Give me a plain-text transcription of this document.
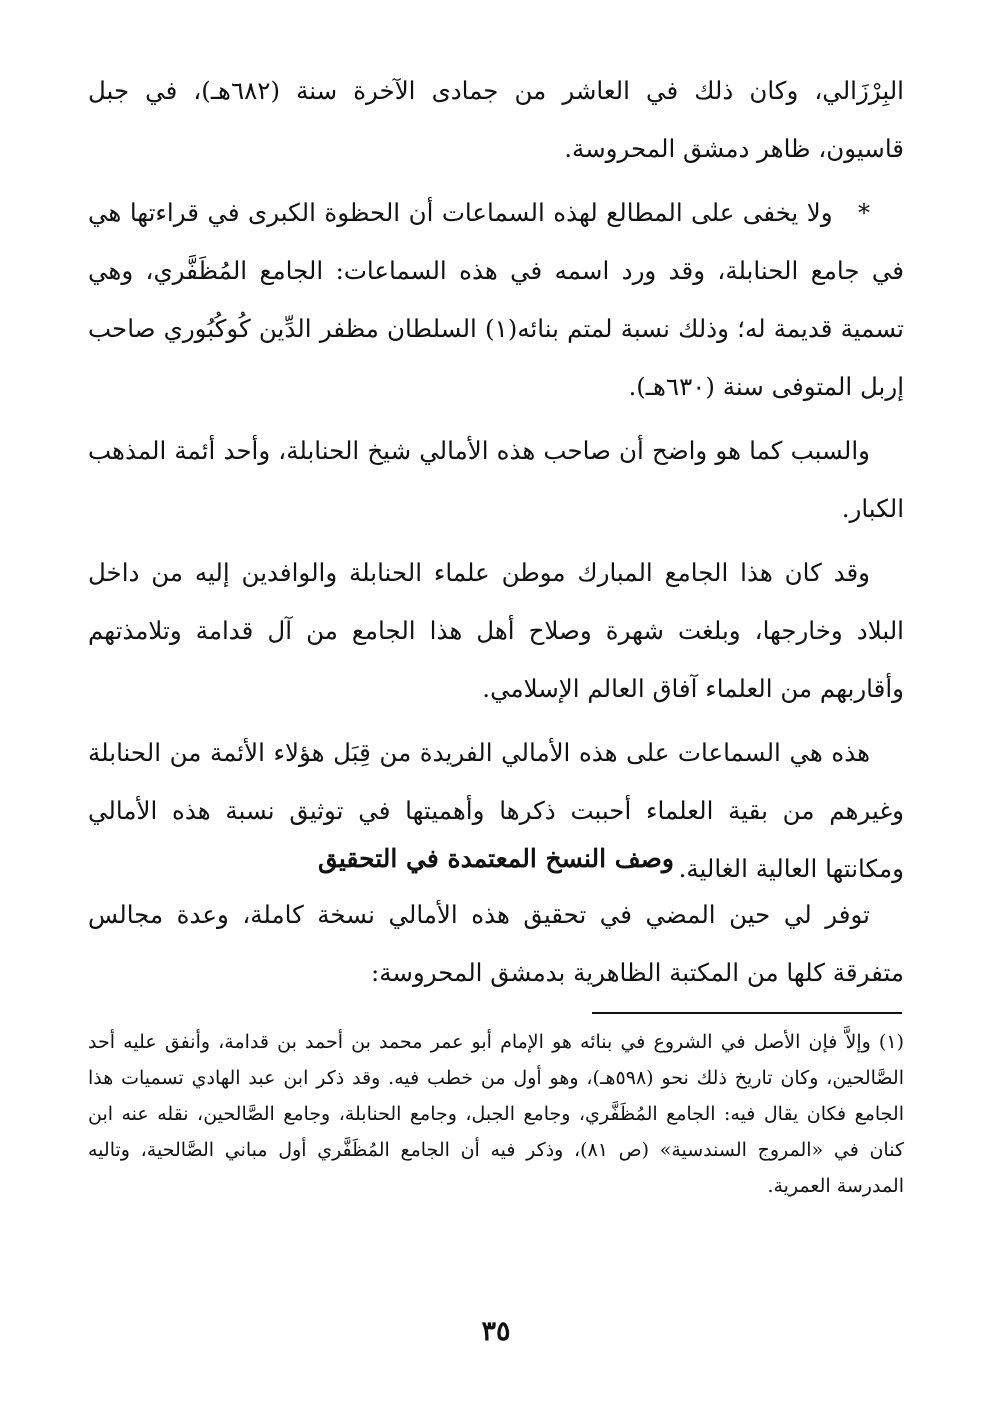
البِرْزَالي، وكان ذلك في العاشر من جمادى الآخرة سنة (٦٨٢هـ)، في جبل قاسيون، ظاهر دمشق المحروسة.

*   ولا يخفى على المطالع لهذه السماعات أن الحظوة الكبرى في قراءتها هي في جامع الحنابلة، وقد ورد اسمه في هذه السماعات: الجامع المُظَفَّري، وهي تسمية قديمة له؛ وذلك نسبة لمتم بنائه(١) السلطان مظفر الدِّين كُوكُبُوري صاحب إربل المتوفى سنة (٦٣٠هـ).

والسبب كما هو واضح أن صاحب هذه الأمالي شيخ الحنابلة، وأحد أئمة المذهب الكبار.

وقد كان هذا الجامع المبارك موطن علماء الحنابلة والوافدين إليه من داخل البلاد وخارجها، وبلغت شهرة وصلاح أهل هذا الجامع من آل قدامة وتلامذتهم وأقاربهم من العلماء آفاق العالم الإسلامي.

هذه هي السماعات على هذه الأمالي الفريدة من قِبَل هؤلاء الأئمة من الحنابلة وغيرهم من بقية العلماء أحببت ذكرها وأهميتها في توثيق نسبة هذه الأمالي ومكانتها العالية الغالية.

وصف النسخ المعتمدة في التحقيق

توفر لي حين المضي في تحقيق هذه الأمالي نسخة كاملة، وعدة مجالس متفرقة كلها من المكتبة الظاهرية بدمشق المحروسة:

(١) وإلاَّ فإن الأصل في الشروع في بنائه هو الإمام أبو عمر محمد بن أحمد بن قدامة، وأنفق عليه أحد الصَّالحين، وكان تاريخ ذلك نحو (٥٩٨هـ)، وهو أول من خطب فيه. وقد ذكر ابن عبد الهادي تسميات هذا الجامع فكان يقال فيه: الجامع المُظَفَّري، وجامع الجبل، وجامع الحنابلة، وجامع الصَّالحين، نقله عنه ابن كنان في «المروج السندسية» (ص ٨١)، وذكر فيه أن الجامع المُظَفَّري أول مباني الصَّالحية، وتاليه المدرسة العمرية.

٣٥
